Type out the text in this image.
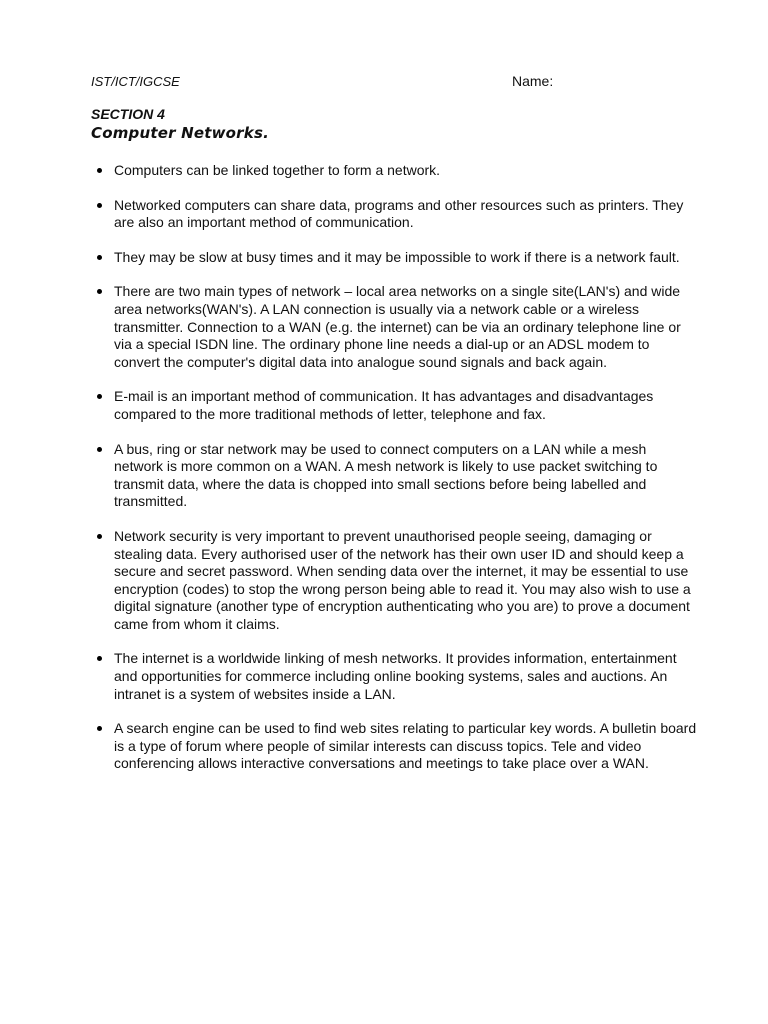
IST/ICT/IGCSE	Name:
SECTION 4
Computer Networks.
Computers can be linked together to form a network.
Networked computers can share data, programs and other resources such as printers. They are also an important method of communication.
They may be slow at busy times and it may be impossible to work if there is a network fault.
There are two main types of network – local area networks on a single site(LAN's) and wide area networks(WAN's). A LAN connection is usually via a network cable or a wireless transmitter. Connection to a WAN (e.g. the internet) can be via an ordinary telephone line or via a special ISDN line. The ordinary phone line needs a dial-up or an ADSL modem to convert the computer's digital data into analogue sound signals and back again.
E-mail is an important method of communication. It has advantages and disadvantages compared to the more traditional methods of letter, telephone and fax.
A bus, ring or star network may be used to connect computers on a LAN while a mesh network is more common on a WAN. A mesh network is likely to use packet switching to transmit data, where the data is chopped into small sections before being labelled and transmitted.
Network security is very important to prevent unauthorised people seeing, damaging or stealing data. Every authorised user of the network has their own user ID and should keep a secure and secret password. When sending data over the internet, it may be essential to use encryption (codes) to stop the wrong person being able to read it. You may also wish to use a digital signature (another type of encryption authenticating who you are) to prove a document came from whom it claims.
The internet is a worldwide linking of mesh networks. It provides information, entertainment and opportunities for commerce including online booking systems, sales and auctions. An intranet is a system of websites inside a LAN.
A search engine can be used to find web sites relating to particular key words. A bulletin board is a type of forum where people of similar interests can discuss topics. Tele and video conferencing allows interactive conversations and meetings to take place over a WAN.
